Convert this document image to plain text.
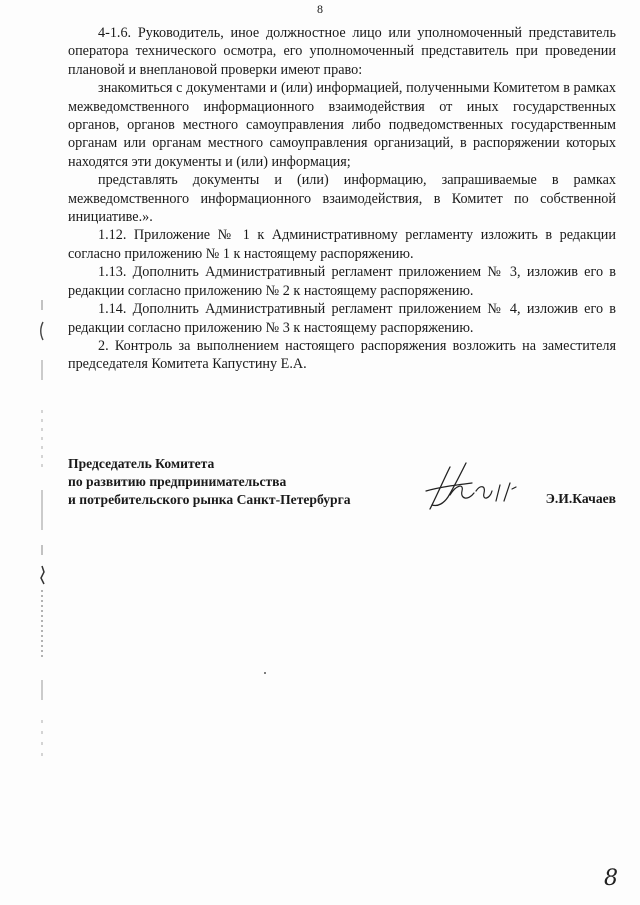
8

4-1.6. Руководитель, иное должностное лицо или уполномоченный представитель оператора технического осмотра, его уполномоченный представитель при проведении плановой и внеплановой проверки имеют право:

знакомиться с документами и (или) информацией, полученными Комитетом в рамках межведомственного информационного взаимодействия от иных государственных органов, органов местного самоуправления либо подведомственных государственным органам или органам местного самоуправления организаций, в распоряжении которых находятся эти документы и (или) информация;

представлять документы и (или) информацию, запрашиваемые в рамках межведомственного информационного взаимодействия, в Комитет по собственной инициативе.».

1.12. Приложение № 1 к Административному регламенту изложить в редакции согласно приложению № 1 к настоящему распоряжению.

1.13. Дополнить Административный регламент приложением № 3, изложив его в редакции согласно приложению № 2 к настоящему распоряжению.

1.14. Дополнить Административный регламент приложением № 4, изложив его в редакции согласно приложению № 3 к настоящему распоряжению.

2. Контроль за выполнением настоящего распоряжения возложить на заместителя председателя Комитета Капустину Е.А.

Председатель Комитета
по развитию предпринимательства
и потребительского рынка Санкт-Петербурга	Э.И.Качаев
8
